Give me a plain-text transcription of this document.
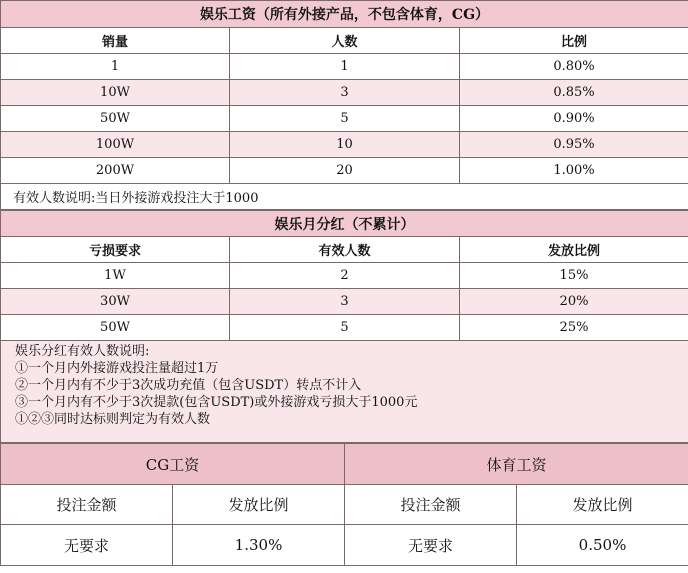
娱乐工资（所有外接产品，不包含体育，CG）		
销量	人数	比例
1	1	0.80%
10W	3	0.85%
50W	5	0.90%
100W	10	0.95%
200W	20	1.00%
有效人数说明:当日外接游戏投注大于1000		
娱乐月分红（不累计）		
亏损要求	有效人数	发放比例
1W	2	15%
30W	3	20%
50W	5	25%

娱乐分红有效人数说明:
①一个月内外接游戏投注量超过1万
②一个月内有不少于3次成功充值（包含USDT）转点不计入
③一个月内有不少于3次提款(包含USDT)或外接游戏亏损大于1000元
①②③同时达标则判定为有效人数		
CG工资		体育工资	
投注金额	发放比例	投注金额	发放比例
无要求	1.30%	无要求	0.50%
